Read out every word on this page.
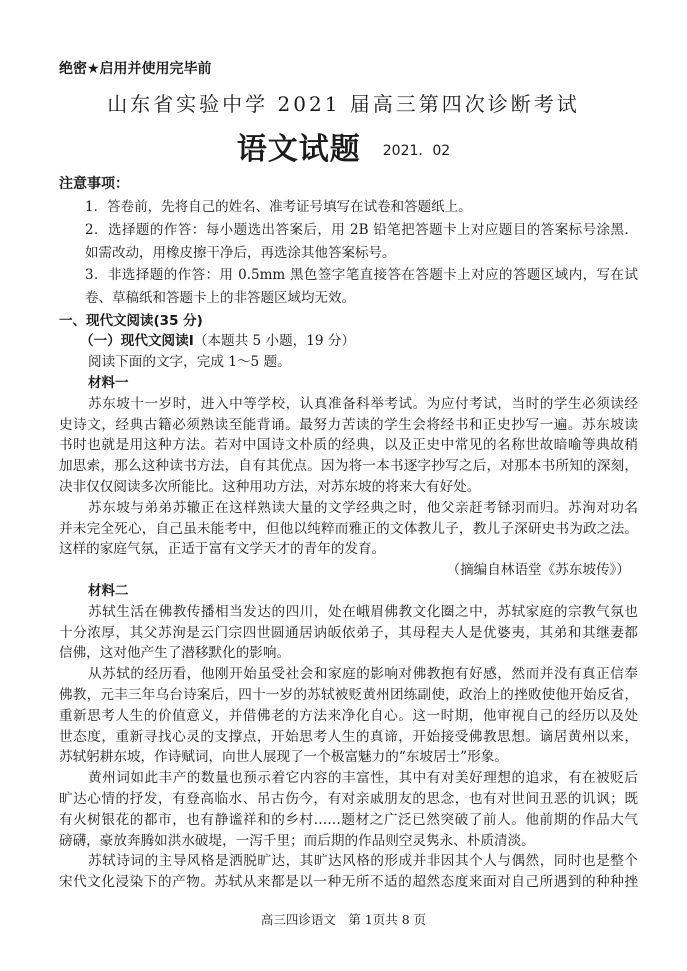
绝密★启用并使用完毕前
山东省实验中学 2021 届高三第四次诊断考试
语文试题 2021．02
注意事项：
1．答卷前，先将自己的姓名、准考证号填写在试卷和答题纸上。
2．选择题的作答：每小题选出答案后，用 2B 铅笔把答题卡上对应题目的答案标号涂黑．
如需改动，用橡皮擦干净后，再选涂其他答案标号。
3．非选择题的作答：用 0.5mm 黑色签字笔直接答在答题卡上对应的答题区域内，写在试
卷、草稿纸和答题卡上的非答题区域均无效。
一、现代文阅读(35 分)
（一）现代文阅读Ⅰ（本题共 5 小题，19 分）
阅读下面的文字，完成 1～5 题。
材料一
苏东坡十一岁时，进入中等学校，认真准备科举考试。为应付考试，当时的学生必须读经
史诗文，经典古籍必须熟读至能背诵。最努力苦读的学生会将经书和正史抄写一遍。苏东坡读
书时也就是用这种方法。若对中国诗文朴质的经典，以及正史中常见的名称世故暗喻等典故稍
加思索，那么这种读书方法，自有其优点。因为将一本书逐字抄写之后，对那本书所知的深刻，
决非仅仅阅读多次所能比。这种用功方法，对苏东坡的将来大有好处。
苏东坡与弟弟苏辙正在这样熟读大量的文学经典之时，他父亲赶考铩羽而归。苏洵对功名
并未完全死心，自己虽未能考中，但他以纯粹而雅正的文体教儿子，教儿子深研史书为政之法。
这样的家庭气氛，正适于富有文学天才的青年的发育。
（摘编自林语堂《苏东坡传》）
材料二
苏轼生活在佛教传播相当发达的四川，处在峨眉佛教文化圈之中，苏轼家庭的宗教气氛也
十分浓厚，其父苏洵是云门宗四世圆通居讷皈依弟子，其母程夫人是优婆夷，其弟和其继妻都
信佛，这对他产生了潜移默化的影响。
从苏轼的经历看，他刚开始虽受社会和家庭的影响对佛教抱有好感，然而并没有真正信奉
佛教，元丰三年乌台诗案后，四十一岁的苏轼被贬黄州团练副使，政治上的挫败使他开始反省，
重新思考人生的价值意义，并借佛老的方法来净化自心。这一时期，他审视自己的经历以及处
世态度，重新寻找心灵的支撑点，开始思考人生的真谛，开始接受佛教思想。谪居黄州以来，
苏轼躬耕东坡，作诗赋词，向世人展现了一个极富魅力的“东坡居士”形象。
黄州词如此丰产的数量也预示着它内容的丰富性，其中有对美好理想的追求，有在被贬后
旷达心情的抒发，有登高临水、吊古伤今，有对亲戚朋友的思念，也有对世间丑恶的讥讽；既
有火树银花的都市，也有静谧祥和的乡村……题材之广泛已然突破了前人。他前期的作品大气
磅礴，豪放奔腾如洪水破堤，一泻千里；而后期的作品则空灵隽永、朴质清淡。
苏轼诗词的主导风格是洒脱旷达，其旷达风格的形成并非因其个人与偶然，同时也是整个
宋代文化浸染下的产物。苏轼从来都是以一种无所不适的超然态度来面对自己所遇到的种种挫
高三四诊语文　第 1页共 8 页
